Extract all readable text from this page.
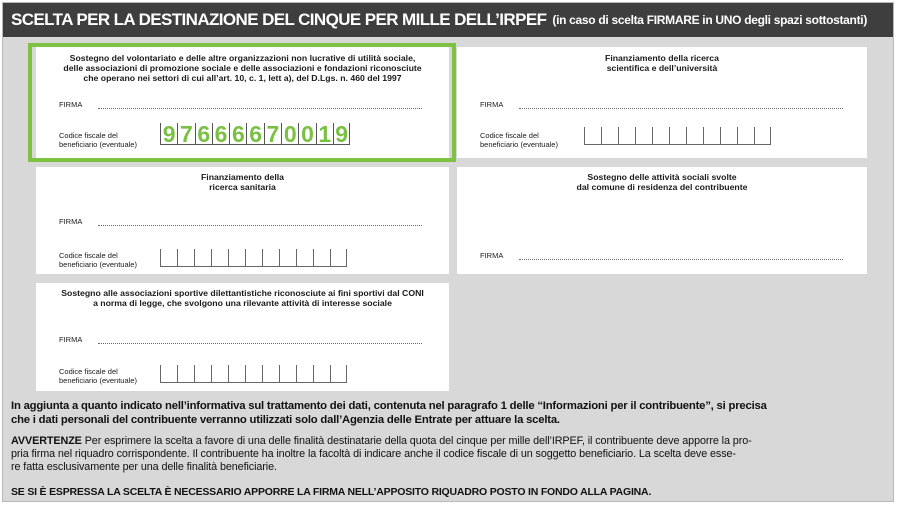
SCELTA PER LA DESTINAZIONE DEL CINQUE PER MILLE DELL’IRPEF (in caso di scelta FIRMARE in UNO degli spazi sottostanti)
Sostegno del volontariato e delle altre organizzazioni non lucrative di utilità sociale,
delle associazioni di promozione sociale e delle associazioni e fondazioni riconosciute
che operano nei settori di cui all’art. 10, c. 1, lett a), del D.Lgs. n. 460 del 1997
FIRMA
Codice fiscale del
beneficiario (eventuale) 9 7 6 6 6 6 7 0 0 1 9
Finanziamento della ricerca
scientifica e dell’università
FIRMA
Codice fiscale del
beneficiario (eventuale)
Finanziamento della
ricerca sanitaria
FIRMA
Codice fiscale del
beneficiario (eventuale)
Sostegno delle attività sociali svolte
dal comune di residenza del contribuente
FIRMA
Sostegno alle associazioni sportive dilettantistiche riconosciute ai fini sportivi dal CONI
a norma di legge, che svolgono una rilevante attività di interesse sociale
FIRMA
Codice fiscale del
beneficiario (eventuale)
In aggiunta a quanto indicato nell’informativa sul trattamento dei dati, contenuta nel paragrafo 1 delle “Informazioni per il contribuente”, si precisa
che i dati personali del contribuente verranno utilizzati solo dall’Agenzia delle Entrate per attuare la scelta.
AVVERTENZE Per esprimere la scelta a favore di una delle finalità destinatarie della quota del cinque per mille dell’IRPEF, il contribuente deve apporre la pro-
pria firma nel riquadro corrispondente. Il contribuente ha inoltre la facoltà di indicare anche il codice fiscale di un soggetto beneficiario. La scelta deve esse-
re fatta esclusivamente per una delle finalità beneficiarie.
SE SI È ESPRESSA LA SCELTA È NECESSARIO APPORRE LA FIRMA NELL’APPOSITO RIQUADRO POSTO IN FONDO ALLA PAGINA.
